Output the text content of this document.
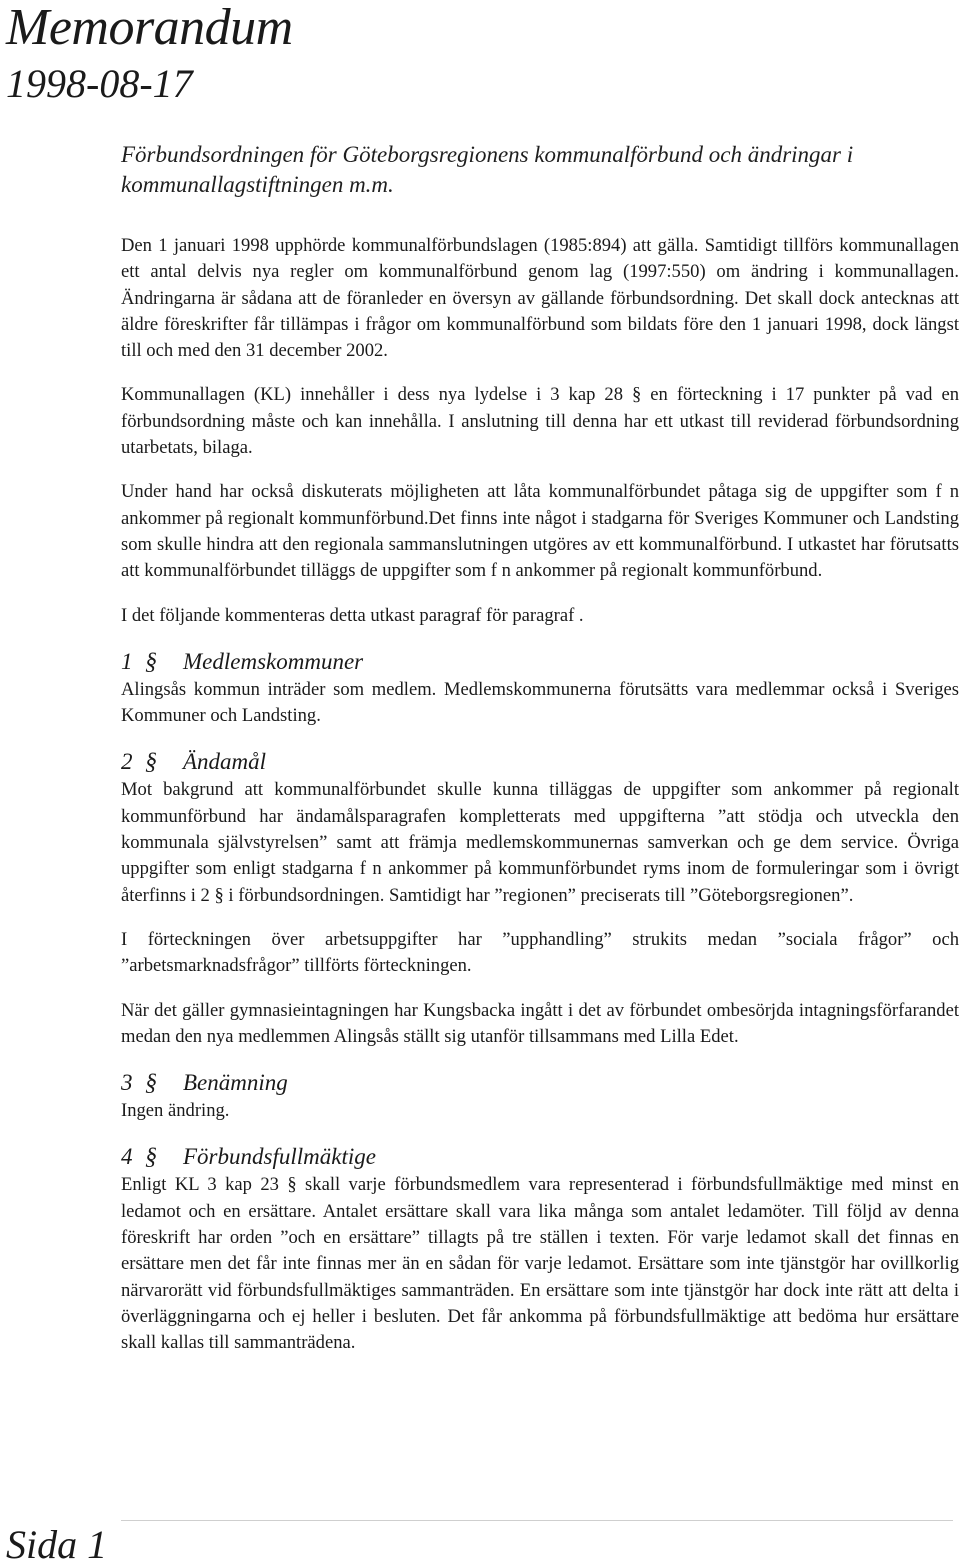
Memorandum
1998-08-17
Förbundsordningen för Göteborgsregionens kommunalförbund och ändringar i kommunallagstiftningen m.m.

Den 1 januari 1998 upphörde kommunalförbundslagen (1985:894) att gälla. Samtidigt tillförs kommunallagen ett antal delvis nya regler om kommunalförbund genom lag (1997:550) om ändring i kommunallagen. Ändringarna är sådana att de föranleder en översyn av gällande förbundsordning. Det skall dock antecknas att äldre föreskrifter får tillämpas i frågor om kommunalförbund som bildats före den 1 januari 1998, dock längst till och med den 31 december 2002.

Kommunallagen (KL) innehåller i dess nya lydelse i 3 kap 28 § en förteckning i 17 punkter på vad en förbundsordning måste och kan innehålla. I anslutning till denna har ett utkast till reviderad förbundsordning utarbetats, bilaga.

Under hand har också diskuterats möjligheten att låta kommunalförbundet påtaga sig de uppgifter som f n ankommer på regionalt kommunförbund.Det finns inte något i stadgarna för Sveriges Kommuner och Landsting som skulle hindra att den regionala sammanslutningen utgöres av ett kommunalförbund. I utkastet har förutsatts att kommunalförbundet tilläggs de uppgifter som f n ankommer på regionalt kommunförbund.

I det följande kommenteras detta utkast paragraf för paragraf .

1 §	Medlemskommuner

Alingsås kommun inträder som medlem. Medlemskommunerna förutsätts vara medlemmar också i Sveriges Kommuner och Landsting.

2 §	Ändamål

Mot bakgrund att kommunalförbundet skulle kunna tilläggas de uppgifter som ankommer på regionalt kommunförbund har ändamålsparagrafen kompletterats med uppgifterna ”att stödja och utveckla den kommunala självstyrelsen” samt att främja medlemskommunernas samverkan och ge dem service. Övriga uppgifter som enligt stadgarna f n ankommer på kommunförbundet ryms inom de formuleringar som i övrigt återfinns i 2 § i förbundsordningen. Samtidigt har ”regionen” preciserats till ”Göteborgsregionen”.

I förteckningen över arbetsuppgifter har ”upphandling” strukits medan ”sociala frågor” och ”arbetsmarknadsfrågor” tillförts förteckningen.

När det gäller gymnasieintagningen har Kungsbacka ingått i det av förbundet ombesörjda intagningsförfarandet medan den nya medlemmen Alingsås ställt sig utanför tillsammans med Lilla Edet.

3 §	Benämning

Ingen ändring.

4 §	Förbundsfullmäktige

Enligt KL 3 kap 23 § skall varje förbundsmedlem vara representerad i förbundsfullmäktige med minst en ledamot och en ersättare. Antalet ersättare skall vara lika många som antalet ledamöter. Till följd av denna föreskrift har orden ”och en ersättare” tillagts på tre ställen i texten. För varje ledamot skall det finnas en ersättare men det får inte finnas mer än en sådan för varje ledamot. Ersättare som inte tjänstgör har ovillkorlig närvarorätt vid förbundsfullmäktiges sammanträden. En ersättare som inte tjänstgör har dock inte rätt att delta i överläggningarna och ej heller i besluten. Det får ankomma på förbundsfullmäktige att bedöma hur ersättare skall kallas till sammanträdena.

Sida 1
